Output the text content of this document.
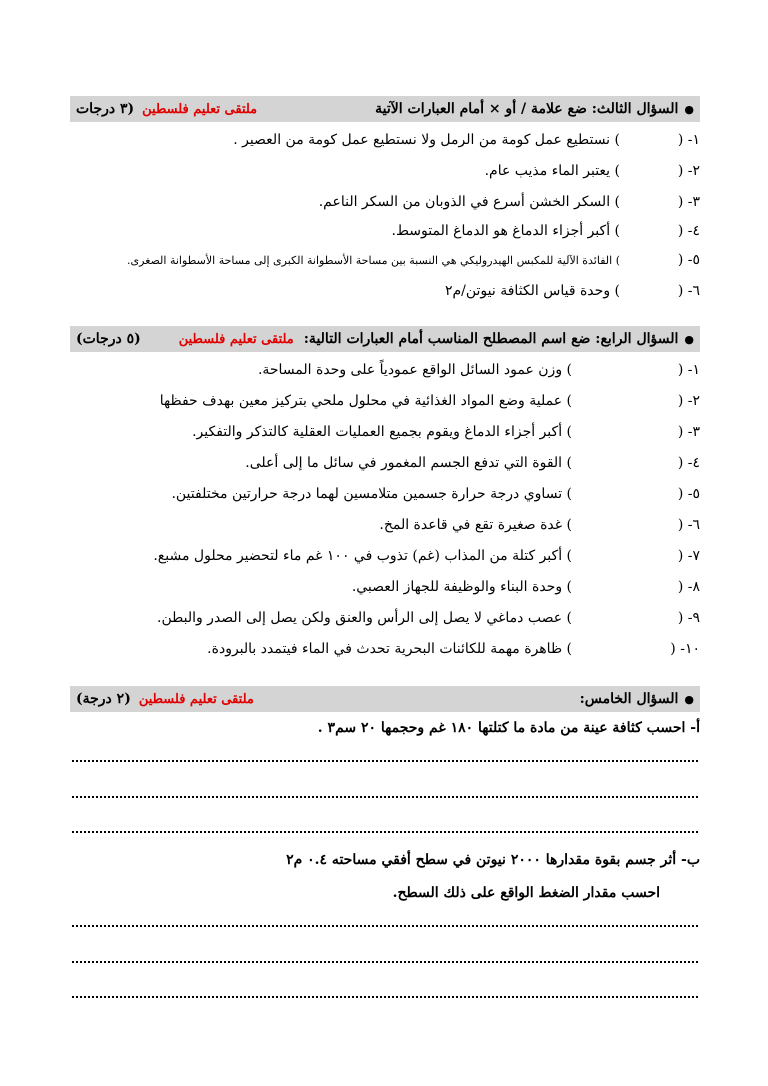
●
السؤال الثالث: ضع علامة / أو × أمام العبارات الآتية
ملتقى تعليم فلسطين
(٣ درجات
١- (
) نستطيع عمل كومة من الرمل ولا نستطيع عمل كومة من العصير .
٢- (
) يعتبر الماء مذيب عام.
٣- (
) السكر الخشن أسرع في الذوبان من السكر الناعم.
٤- (
) أكبر أجزاء الدماغ هو الدماغ المتوسط.
٥- (
) الفائدة الآلية للمكبس الهيدروليكي هي النسبة بين مساحة الأسطوانة الكبرى إلى مساحة الأسطوانة الصغرى.
٦- (
) وحدة قياس الكثافة نيوتن/م٢
●
السؤال الرابع: ضع اسم المصطلح المناسب أمام العبارات التالية:
ملتقى تعليم فلسطين
(٥ درجات)
١- (
) وزن عمود السائل الواقع عمودياً على وحدة المساحة.
٢- (
) عملية وضع المواد الغذائية في محلول ملحي بتركيز معين بهدف حفظها
٣- (
) أكبر أجزاء الدماغ ويقوم بجميع العمليات العقلية كالتذكر والتفكير.
٤- (
) القوة التي تدفع الجسم المغمور في سائل ما إلى أعلى.
٥- (
) تساوي درجة حرارة جسمين متلامسين لهما درجة حرارتين مختلفتين.
٦- (
) غدة صغيرة تقع في قاعدة المخ.
٧- (
) أكبر كتلة من المذاب (غم) تذوب في ١٠٠ غم ماء لتحضير محلول مشبع.
٨- (
) وحدة البناء والوظيفة للجهاز العصبي.
٩- (
) عصب دماغي لا يصل إلى الرأس والعنق ولكن يصل إلى الصدر والبطن.
١٠- (
) ظاهرة مهمة للكائنات البحرية تحدث في الماء فيتمدد بالبرودة.
●
السؤال الخامس:
ملتقى تعليم فلسطين
(٢ درجة)
أ- احسب كثافة عينة من مادة ما كتلتها ١٨٠ غم وحجمها ٢٠ سم٣ .
ب- أثر جسم بقوة مقدارها ٢٠٠٠ نيوتن في سطح أفقي مساحته ٠.٤ م٢
احسب مقدار الضغط الواقع على ذلك السطح.
